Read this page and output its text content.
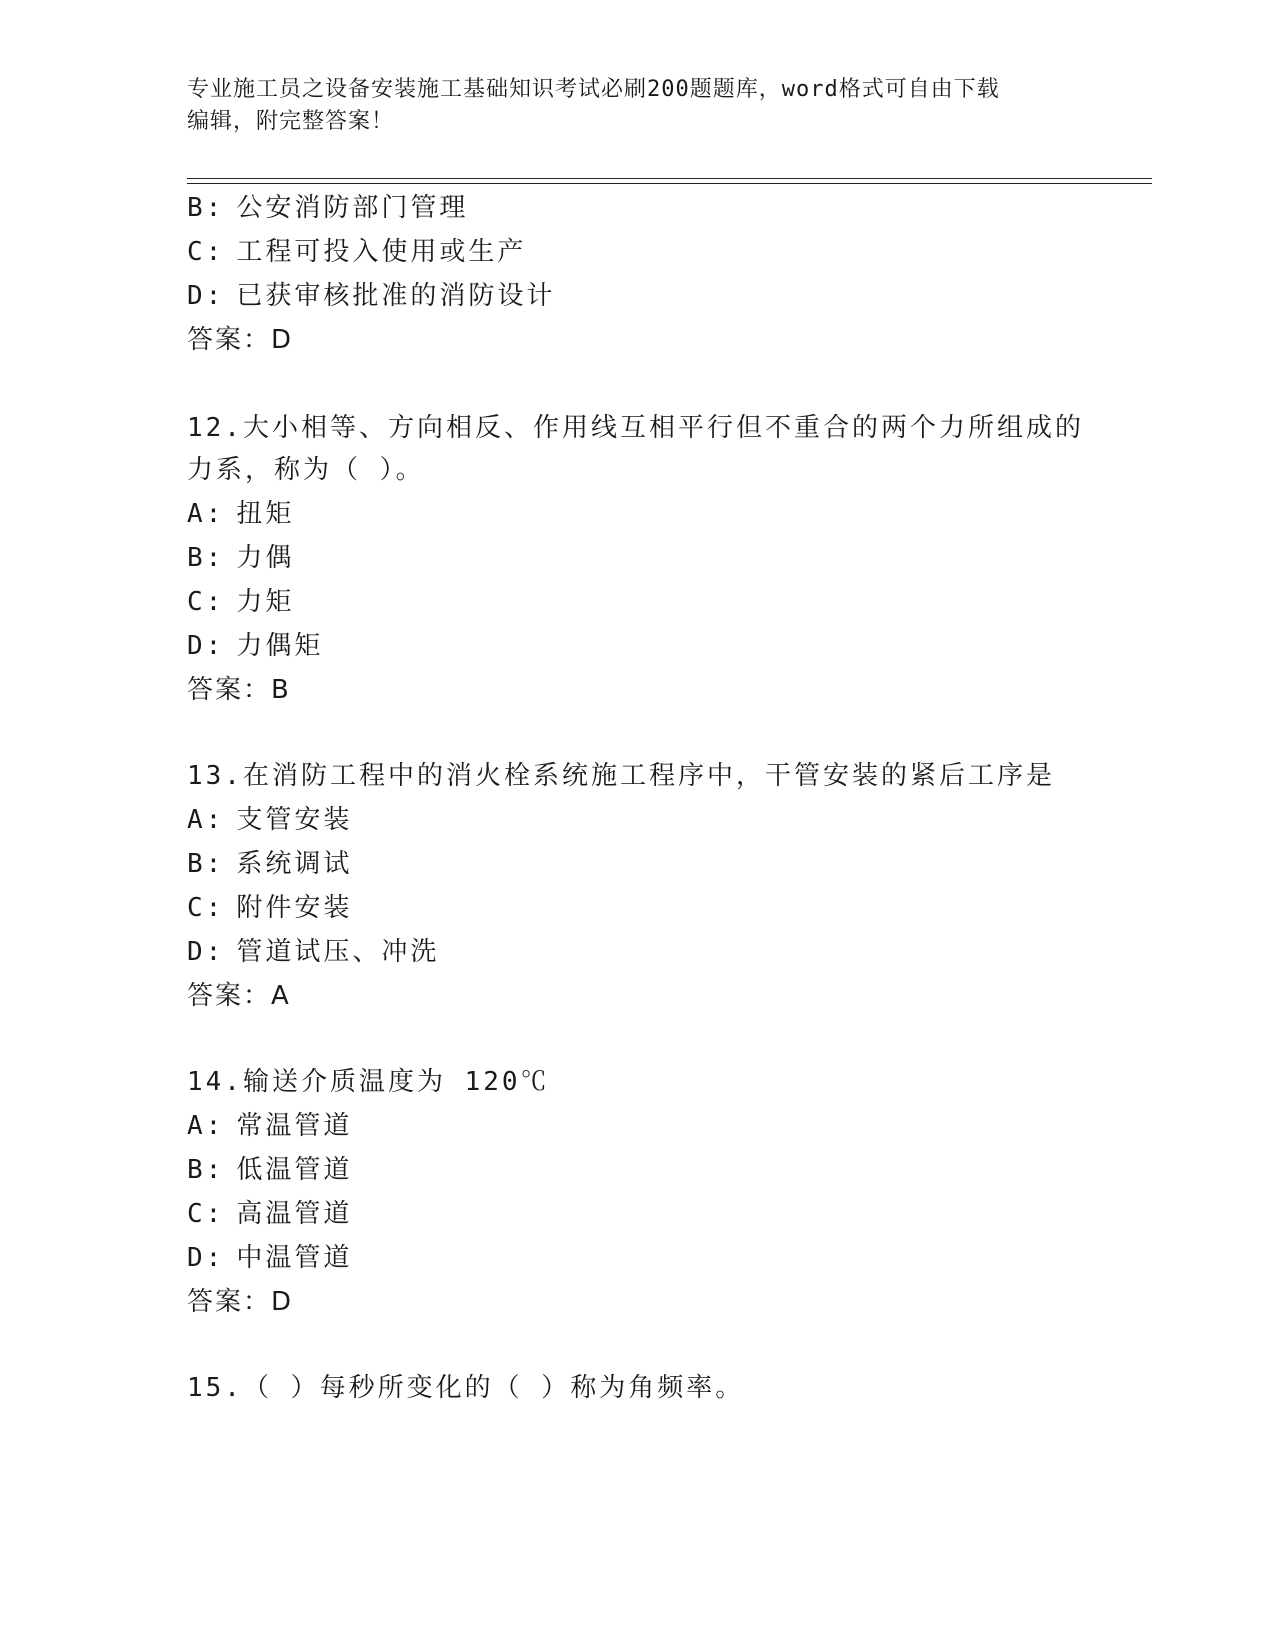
专业施工员之设备安装施工基础知识考试必刷200题题库，word格式可自由下载
编辑，附完整答案！
B: 公安消防部门管理
C: 工程可投入使用或生产
D: 已获审核批准的消防设计
答案：D
12.大小相等、方向相反、作用线互相平行但不重合的两个力所组成的
力系，称为（ ）。
A: 扭矩
B: 力偶
C: 力矩
D: 力偶矩
答案：B
13.在消防工程中的消火栓系统施工程序中，干管安装的紧后工序是
A: 支管安装
B: 系统调试
C: 附件安装
D: 管道试压、冲洗
答案：A
14.输送介质温度为 120℃
A: 常温管道
B: 低温管道
C: 高温管道
D: 中温管道
答案：D
15.（ ）每秒所变化的（ ）称为角频率。
